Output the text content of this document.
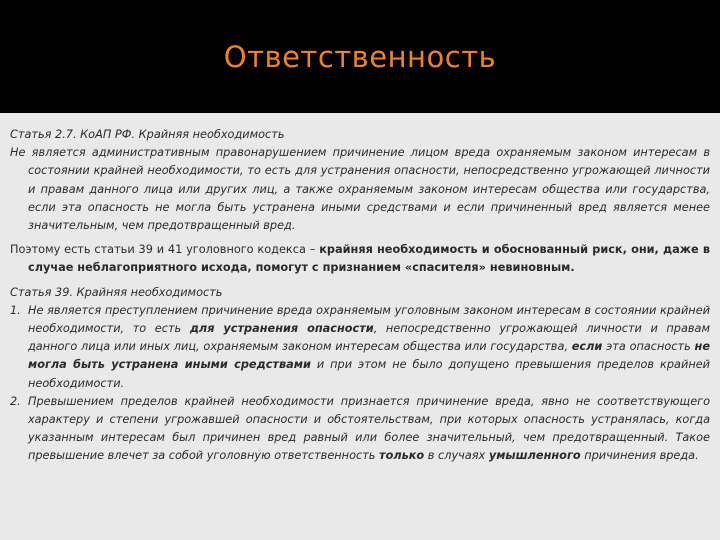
Ответственность

Статья 2.7. КоАП РФ. Крайняя необходимость

Не является административным правонарушением причинение лицом вреда охраняемым законом интересам в состоянии крайней необходимости, то есть для устранения опасности, непосредственно угрожающей личности и правам данного лица или других лиц, а также охраняемым законом интересам общества или государства, если эта опасность не могла быть устранена иными средствами и если причиненный вред является менее значительным, чем предотвращенный вред.

Поэтому есть статьи 39 и 41 уголовного кодекса – крайняя необходимость и обоснованный риск, они, даже в случае неблагоприятного исхода, помогут с признанием «спасителя» невиновным.

Статья 39. Крайняя необходимость

1. Не является преступлением причинение вреда охраняемым уголовным законом интересам в состоянии крайней необходимости, то есть для устранения опасности, непосредственно угрожающей личности и правам данного лица или иных лиц, охраняемым законом интересам общества или государства, если эта опасность не могла быть устранена иными средствами и при этом не было допущено превышения пределов крайней необходимости.
2. Превышением пределов крайней необходимости признается причинение вреда, явно не соответствующего характеру и степени угрожавшей опасности и обстоятельствам, при которых опасность устранялась, когда указанным интересам был причинен вред равный или более значительный, чем предотвращенный. Такое превышение влечет за собой уголовную ответственность только в случаях умышленного причинения вреда.
